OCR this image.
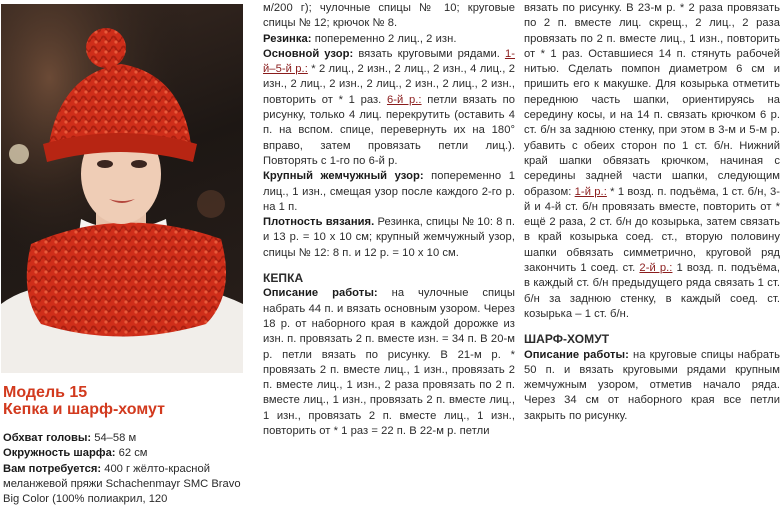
Модель 15
Кепка и шарф-хомут

Обхват головы: 54–58 м

Окружность шарфа: 62 см

Вам потребуется: 400 г жёлто-красной меланжевой пряжи Schachenmayr SMC Bravo Big Color (100% полиакрил, 120

м/200 г); чулочные спицы № 10; круговые спицы № 12; крючок № 8.

Резинка: попеременно 2 лиц., 2 изн.

Основной узор: вязать круговыми рядами. 1-й–5-й р.: * 2 лиц., 2 изн., 2 лиц., 2 изн., 4 лиц., 2 изн., 2 лиц., 2 изн., 2 лиц., 2 изн., 2 лиц., 2 изн., повторить от * 1 раз. 6-й р.: петли вязать по рисунку, только 4 лиц. перекрутить (оставить 4 п. на вспом. спице, перевернуть их на 180° вправо, затем провязать петли лиц.). Повторять с 1-го по 6-й р.

Крупный жемчужный узор: попеременно 1 лиц., 1 изн., смещая узор после каждого 2-го р. на 1 п.

Плотность вязания. Резинка, спицы № 10: 8 п. и 13 р. = 10 х 10 см; крупный жемчужный узор, спицы № 12: 8 п. и 12 р. = 10 х 10 см.

КЕПКА

Описание работы: на чулочные спицы набрать 44 п. и вязать основным узором. Через 18 р. от наборного края в каждой дорожке из изн. п. провязать 2 п. вместе изн. = 34 п. В 20-м р. петли вязать по рисунку. В 21-м р. * провязать 2 п. вместе лиц., 1 изн., провязать 2 п. вместе лиц., 1 изн., 2 раза провязать по 2 п. вместе лиц., 1 изн., провязать 2 п. вместе лиц., 1 изн., провязать 2 п. вместе лиц., 1 изн., повторить от * 1 раз = 22 п. В 22-м р. петли

вязать по рисунку. В 23-м р. * 2 раза провязать по 2 п. вместе лиц. скрещ., 2 лиц., 2 раза провязать по 2 п. вместе лиц., 1 изн., повторить от * 1 раз. Оставшиеся 14 п. стянуть рабочей нитью. Сделать помпон диаметром 6 см и пришить его к макушке. Для козырька отметить переднюю часть шапки, ориентируясь на середину косы, и на 14 п. связать крючком 6 р. ст. б/н за заднюю стенку, при этом в 3-м и 5-м р. убавить с обеих сторон по 1 ст. б/н. Нижний край шапки обвязать крючком, начиная с середины задней части шапки, следующим образом: 1-й р.: * 1 возд. п. подъёма, 1 ст. б/н, 3-й и 4-й ст. б/н провязать вместе, повторить от * ещё 2 раза, 2 ст. б/н до козырька, затем связать в край козырька соед. ст., вторую половину шапки обвязать симметрично, круговой ряд закончить 1 соед. ст. 2-й р.: 1 возд. п. подъёма, в каждый ст. б/н предыдущего ряда связать 1 ст. б/н за заднюю стенку, в каждый соед. ст. козырька – 1 ст. б/н.

ШАРФ-ХОМУТ

Описание работы: на круговые спицы набрать 50 п. и вязать круговыми рядами крупным жемчужным узором, отметив начало ряда. Через 34 см от наборного края все петли закрыть по рисунку.
